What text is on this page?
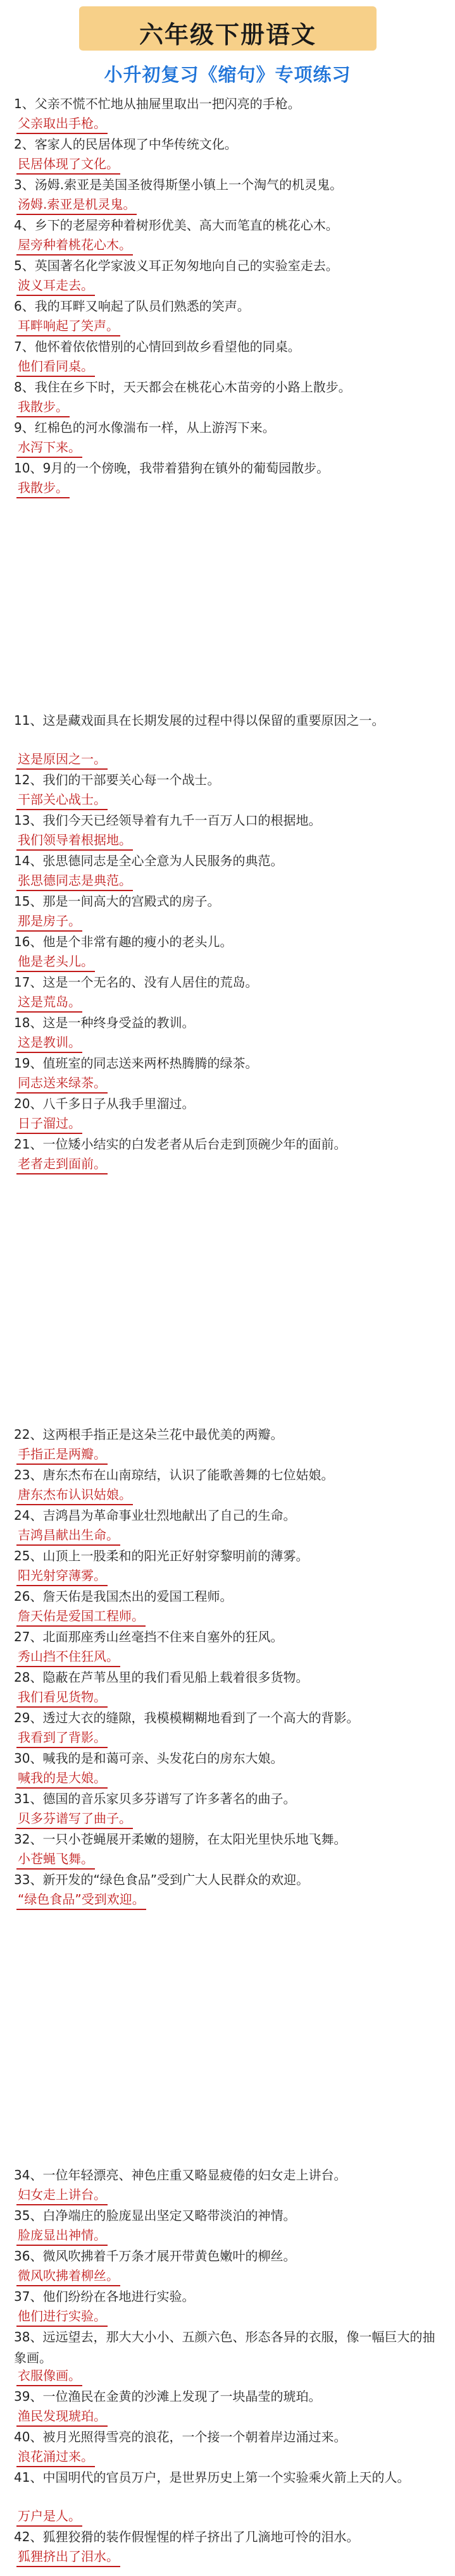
六年级下册语文
小升初复习《缩句》专项练习
1、父亲不慌不忙地从抽屉里取出一把闪亮的手枪。
父亲取出手枪。
2、客家人的民居体现了中华传统文化。
民居体现了文化。
3、汤姆.索亚是美国圣彼得斯堡小镇上一个淘气的机灵鬼。
汤姆.索亚是机灵鬼。
4、乡下的老屋旁种着树形优美、高大而笔直的桃花心木。
屋旁种着桃花心木。
5、英国著名化学家波义耳正匆匆地向自己的实验室走去。
波义耳走去。
6、我的耳畔又响起了队员们熟悉的笑声。
耳畔响起了笑声。
7、他怀着依依惜别的心情回到故乡看望他的同桌。
他们看同桌。
8、我住在乡下时，天天都会在桃花心木苗旁的小路上散步。
我散步。
9、红棉色的河水像湍布一样，从上游泻下来。
水泻下来。
10、9月的一个傍晚，我带着猎狗在镇外的葡萄园散步。
我散步。
11、这是藏戏面具在长期发展的过程中得以保留的重要原因之一。
这是原因之一。
12、我们的干部要关心每一个战士。
干部关心战士。
13、我们今天已经领导着有九千一百万人口的根据地。
我们领导着根据地。
14、张思德同志是全心全意为人民服务的典范。
张思德同志是典范。
15、那是一间高大的宫殿式的房子。
那是房子。
16、他是个非常有趣的瘦小的老头儿。
他是老头儿。
17、这是一个无名的、没有人居住的荒岛。
这是荒岛。
18、这是一种终身受益的教训。
这是教训。
19、值班室的同志送来两杯热腾腾的绿茶。
同志送来绿茶。
20、八千多日子从我手里溜过。
日子溜过。
21、一位矮小结实的白发老者从后台走到顶碗少年的面前。
老者走到面前。
22、这两根手指正是这朵兰花中最优美的两瓣。
手指正是两瓣。
23、唐东杰布在山南琼结，认识了能歌善舞的七位姑娘。
唐东杰布认识姑娘。
24、吉鸿昌为革命事业壮烈地献出了自己的生命。
吉鸿昌献出生命。
25、山顶上一股柔和的阳光正好射穿黎明前的薄雾。
阳光射穿薄雾。
26、詹天佑是我国杰出的爱国工程师。
詹天佑是爱国工程师。
27、北面那座秀山丝毫挡不住来自塞外的狂风。
秀山挡不住狂风。
28、隐蔽在芦苇丛里的我们看见船上载着很多货物。
我们看见货物。
29、透过大衣的缝隙，我模模糊糊地看到了一个高大的背影。
我看到了背影。
30、喊我的是和蔼可亲、头发花白的房东大娘。
喊我的是大娘。
31、德国的音乐家贝多芬谱写了许多著名的曲子。
贝多芬谱写了曲子。
32、一只小苍蝇展开柔嫩的翅膀，在太阳光里快乐地飞舞。
小苍蝇飞舞。
33、新开发的“绿色食品”受到广大人民群众的欢迎。
“绿色食品”受到欢迎。
34、一位年轻漂亮、神色庄重又略显疲倦的妇女走上讲台。
妇女走上讲台。
35、白净端庄的脸庞显出坚定又略带淡泊的神情。
脸庞显出神情。
36、微风吹拂着千万条才展开带黄色嫩叶的柳丝。
微风吹拂着柳丝。
37、他们纷纷在各地进行实验。
他们进行实验。
38、远远望去，那大大小小、五颜六色、形态各异的衣服，像一幅巨大的抽象画。
衣服像画。
39、一位渔民在金黄的沙滩上发现了一块晶莹的琥珀。
渔民发现琥珀。
40、被月光照得雪亮的浪花，一个接一个朝着岸边涌过来。
浪花涌过来。
41、中国明代的官员万户，是世界历史上第一个实验乘火箭上天的人。
万户是人。
42、狐狸狡猾的装作假惺惺的样子挤出了几滴地可怜的泪水。
狐狸挤出了泪水。
